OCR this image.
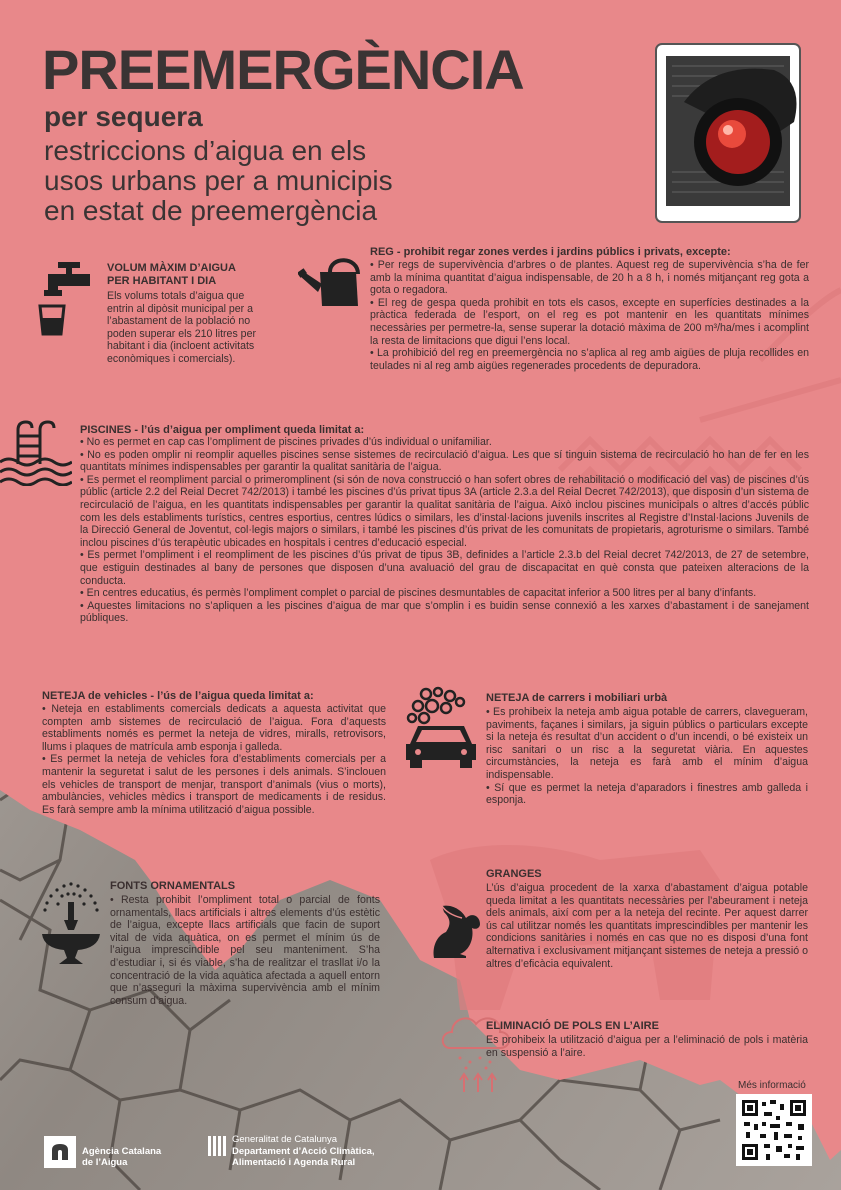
PREEMERGÈNCIA
per sequera
restriccions d’aigua en els
usos urbans per a municipis
en estat de preemergència
VOLUM MÀXIM D’AIGUA
PER HABITANT I DIA
Els volums totals d’aigua que entrin al dipòsit municipal per a l’abastament de la població no poden superar els 210 litres per habitant i dia (incloent activitats econòmiques i comercials).
REG - prohibit regar zones verdes i jardins públics i privats, excepte:

• Per regs de supervivència d’arbres o de plantes. Aquest reg de supervivència s’ha de fer amb la mínima quantitat d’aigua indispensable, de 20 h a 8 h, i només mitjançant reg gota a gota o regadora.

• El reg de gespa queda prohibit en tots els casos, excepte en superfícies destinades a la pràctica federada de l’esport, on el reg es pot mantenir en les quantitats mínimes necessàries per permetre-la, sense superar la dotació màxima de 200 m³/ha/mes i acomplint la resta de limitacions que digui l’ens local.

• La prohibició del reg en preemergència no s’aplica al reg amb aigües de pluja recollides en teulades ni al reg amb aigües regenerades procedents de depuradora.

PISCINES - l’ús d’aigua per ompliment queda limitat a:

• No es permet en cap cas l’ompliment de piscines privades d’ús individual o unifamiliar.

• No es poden omplir ni reomplir aquelles piscines sense sistemes de recirculació d’aigua. Les que sí tinguin sistema de recirculació ho han de fer en les quantitats mínimes indispensables per garantir la qualitat sanitària de l’aigua.

• Es permet el reompliment parcial o primeromplinent (si són de nova construcció o han sofert obres de rehabilitació o modificació del vas) de piscines d’ús públic (article 2.2 del Reial Decret 742/2013) i també les piscines d’ús privat tipus 3A (article 2.3.a del Reial Decret 742/2013), que disposin d’un sistema de recirculació de l’aigua, en les quantitats indispensables per garantir la qualitat sanitària de l’aigua. Això inclou piscines municipals o altres d’accés públic com les dels establiments turístics, centres esportius, centres lúdics o similars, les d’instal·lacions juvenils inscrites al Registre d’Instal·lacions Juvenils de la Direcció General de Joventut, col·legis majors o similars, i també les piscines d’ús privat de les comunitats de propietaris, agroturisme o similars. També inclou piscines d’ús terapèutic ubicades en hospitals i centres d’educació especial.

• Es permet l’ompliment i el reompliment de les piscines d’ús privat de tipus 3B, definides a l’article 2.3.b del Reial decret 742/2013, de 27 de setembre, que estiguin destinades al bany de persones que disposen d’una avaluació del grau de discapacitat en què consta que pateixen alteracions de la conducta.

• En centres educatius, és permès l’ompliment complet o parcial de piscines desmuntables de capacitat inferior a 500 litres per al bany d’infants.

• Aquestes limitacions no s’apliquen a les piscines d’aigua de mar que s’omplin i es buidin sense connexió a les xarxes d’abastament i de sanejament públiques.

NETEJA de vehicles - l’ús de l’aigua queda limitat a:

• Neteja en establiments comercials dedicats a aquesta activitat que compten amb sistemes de recirculació de l’aigua. Fora d’aquests establiments només es permet la neteja de vidres, miralls, retrovisors, llums i plaques de matrícula amb esponja i galleda.

• Es permet la neteja de vehicles fora d’establiments comercials per a mantenir la seguretat i salut de les persones i dels animals. S’inclouen els vehicles de transport de menjar, transport d’animals (vius o morts), ambulàncies, vehicles mèdics i transport de medicaments i de residus. Es farà sempre amb la mínima utilització d’aigua possible.

NETEJA de carrers i mobiliari urbà

• Es prohibeix la neteja amb aigua potable de carrers, clavegueram, paviments, façanes i similars, ja siguin públics o particulars excepte si la neteja és resultat d’un accident o d’un incendi, o bé existeix un risc sanitari o un risc a la seguretat viària. En aquestes circumstàncies, la neteja es farà amb el mínim d’aigua indispensable.

• Sí que es permet la neteja d’aparadors i finestres amb galleda i esponja.

FONTS ORNAMENTALS
• Resta prohibit l’ompliment total o parcial de fonts ornamentals, llacs artificials i altres elements d’ús estètic de l’aigua, excepte llacs artificials que facin de suport vital de vida aquàtica, on es permet el mínim ús de l’aigua imprescindible pel seu manteniment. S’ha d’estudiar i, si és viable, s’ha de realitzar el trasllat i/o la concentració de la vida aquàtica afectada a aquell entorn que n’asseguri la màxima supervivència amb el mínim consum d’aigua.
GRANGES
L’ús d’aigua procedent de la xarxa d’abastament d’aigua potable queda limitat a les quantitats necessàries per l’abeurament i neteja dels animals, així com per a la neteja del recinte. Per aquest darrer ús cal utilitzar només les quantitats imprescindibles per mantenir les condicions sanitàries i només en cas que no es disposi d’una font alternativa i exclusivament mitjançant sistemes de neteja a pressió o altres d’eficàcia equivalent.
ELIMINACIÓ DE POLS EN L’AIRE
Es prohibeix la utilització d’aigua per a l’eliminació de pols i matèria en suspensió a l’aire.
Més informació
Agència Catalana
de l’Aigua
Generalitat de Catalunya
Departament d’Acció Climàtica,
Alimentació i Agenda Rural
